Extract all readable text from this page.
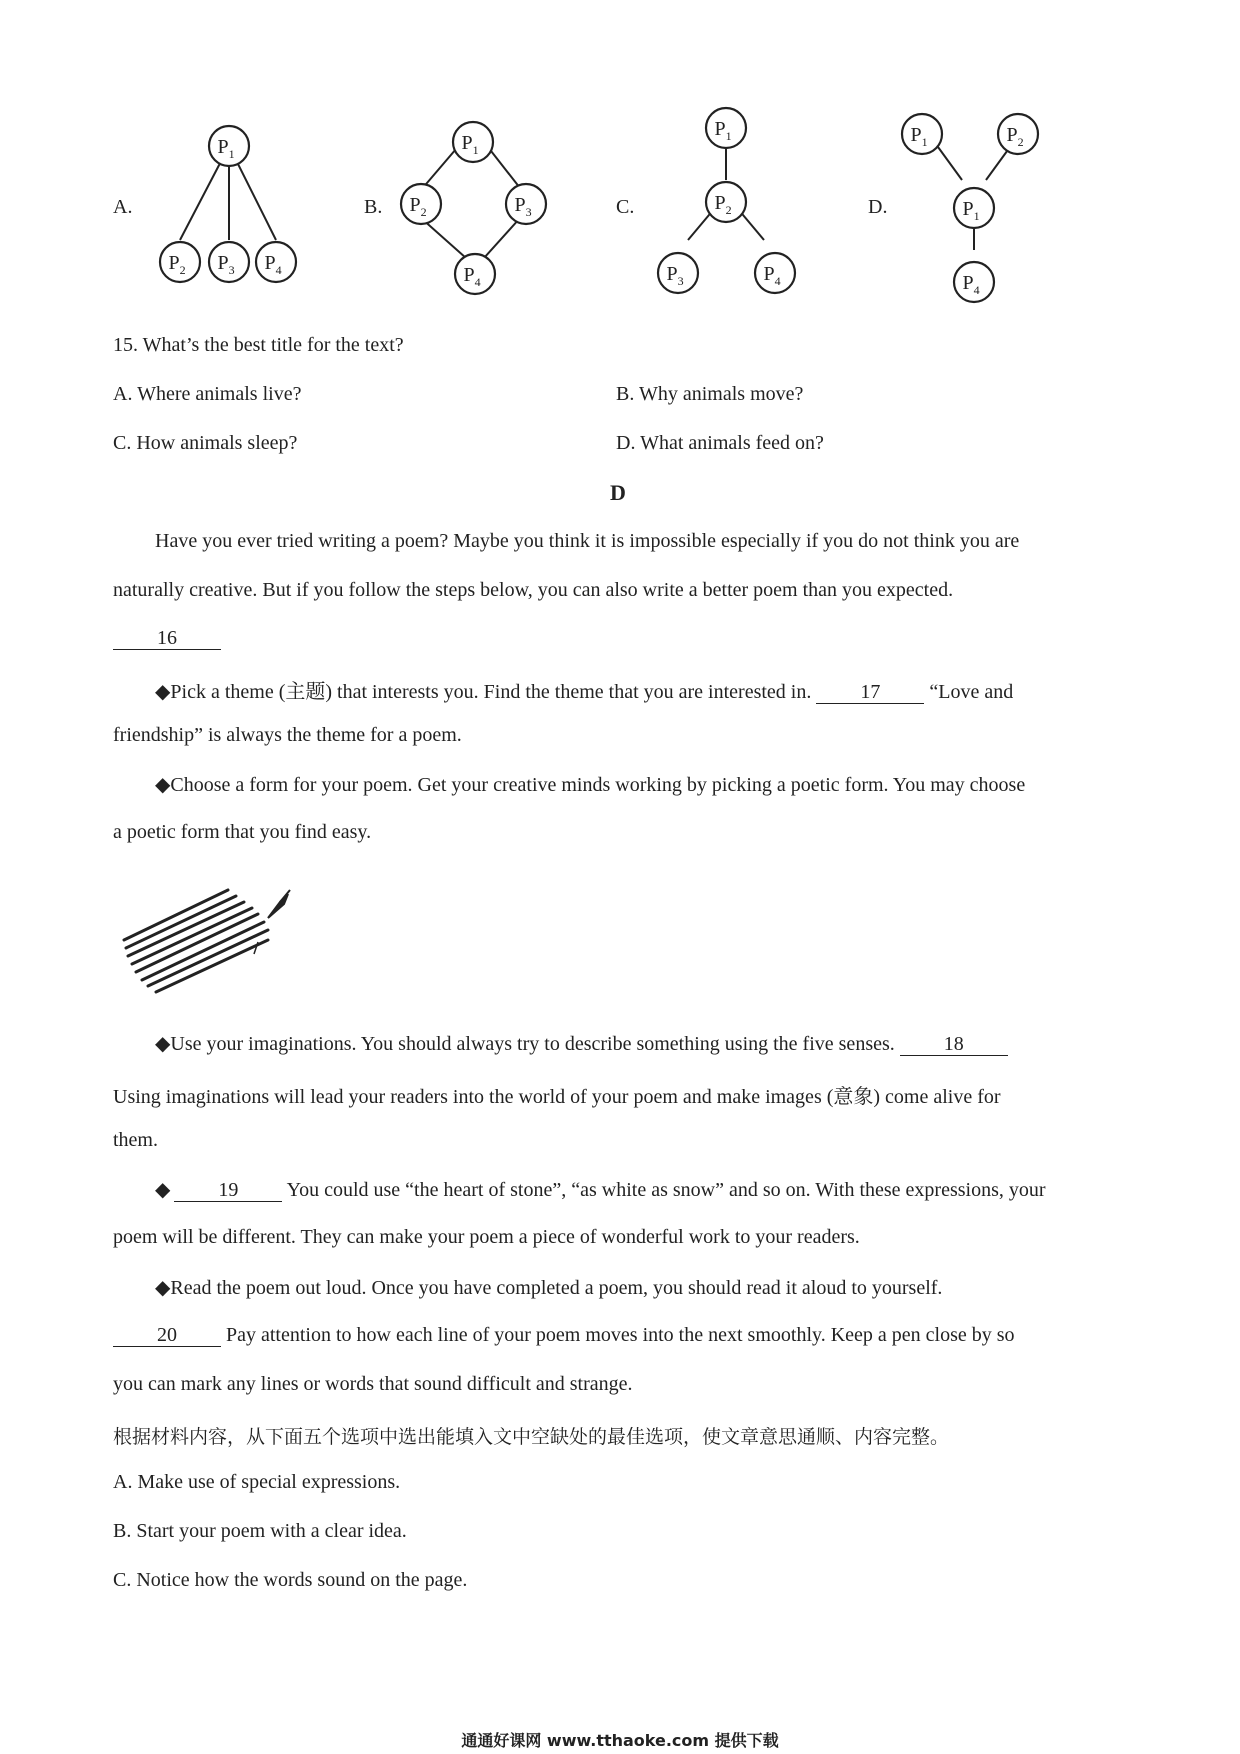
A.	B.	C.	D.
$P_1$
$P_2$ $P_3$ $P_4$
$P_1$
$P_2$	$P_3$
$P_4$
$P_1$
$P_2$
$P_3$	$P_4$
$P_1$	$P_2$
$P_1$
$P_4$
15. What’s the best title for the text?
A. Where animals live?	B. Why animals move?
C. How animals sleep?	D. What animals feed on?
D
Have you ever tried writing a poem? Maybe you think it is impossible especially if you do not think you are
naturally creative. But if you follow the steps below, you can also write a better poem than you expected.
16
◆Pick a theme (主题) that interests you. Find the theme that you are interested in. 17 “Love and
friendship” is always the theme for a poem.
◆Choose a form for your poem. Get your creative minds working by picking a poetic form. You may choose
a poetic form that you find easy.
◆Use your imaginations. You should always try to describe something using the five senses. 18
Using imaginations will lead your readers into the world of your poem and make images (意象) come alive for
them.
◆ 19 You could use “the heart of stone”, “as white as snow” and so on. With these expressions, your
poem will be different. They can make your poem a piece of wonderful work to your readers.
◆Read the poem out loud. Once you have completed a poem, you should read it aloud to yourself.
20 Pay attention to how each line of your poem moves into the next smoothly. Keep a pen close by so
you can mark any lines or words that sound difficult and strange.
根据材料内容，从下面五个选项中选出能填入文中空缺处的最佳选项，使文章意思通顺、内容完整。
A. Make use of special expressions.
B. Start your poem with a clear idea.
C. Notice how the words sound on the page.
通通好课网 www.tthaoke.com 提供下载
